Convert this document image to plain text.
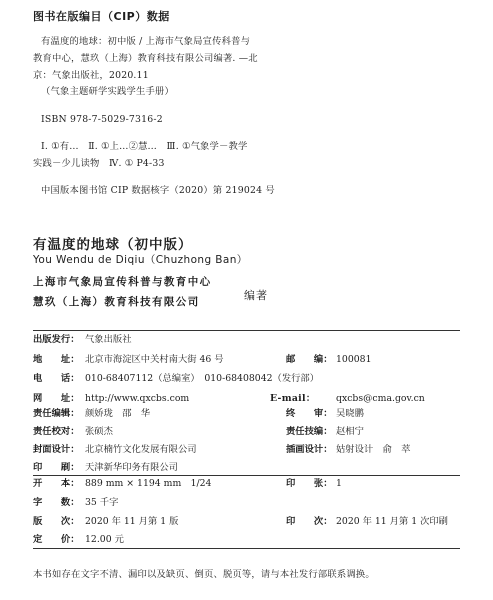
图书在版编目（CIP）数据
有温度的地球：初中版 / 上海市气象局宣传科普与
教育中心，慧玖（上海）教育科技有限公司编著. —北
京：气象出版社，2020.11
（气象主题研学实践学生手册）
ISBN 978-7-5029-7316-2
Ⅰ. ①有…　Ⅱ. ①上…②慧…　Ⅲ. ①气象学－教学
实践－少儿读物　Ⅳ. ① P4-33
中国版本图书馆 CIP 数据核字（2020）第 219024 号
有温度的地球（初中版）
You Wendu de Diqiu（Chuzhong Ban）
上海市气象局宣传科普与教育中心
慧玖（上海）教育科技有限公司	编著
出版发行： 气象出版社
地　　址： 北京市海淀区中关村南大街 46 号	邮　　编： 100081
电　　话： 010-68407112（总编室）　010-68408042（发行部）
网　　址： http://www.qxcbs.com	E-mail： qxcbs@cma.gov.cn
责任编辑： 颜娇珑　邵　华	终　　审： 吴晓鹏
责任校对： 张硕杰	责任技编： 赵相宁
封面设计： 北京楠竹文化发展有限公司	插画设计： 姑射设计　俞　萃
印　　刷： 天津新华印务有限公司
开　　本： 889 mm × 1194 mm　1/24	印　　张： 1
字　　数： 35 千字
版　　次： 2020 年 11 月第 1 版	印　　次： 2020 年 11 月第 1 次印刷
定　　价： 12.00 元
本书如存在文字不清、漏印以及缺页、倒页、脱页等，请与本社发行部联系调换。
